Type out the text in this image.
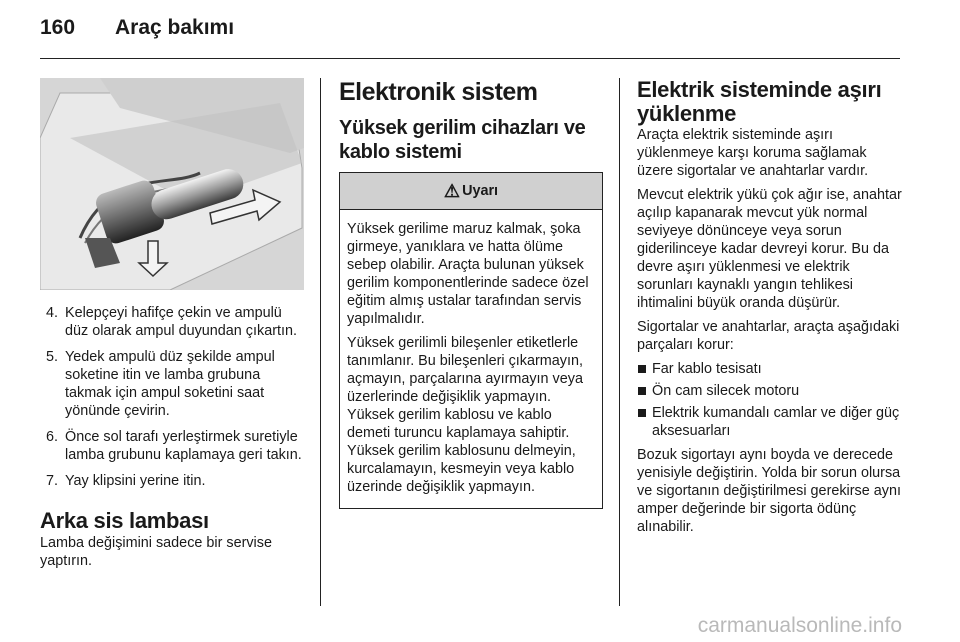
160 Araç bakımı
4. Kelepçeyi hafifçe çekin ve ampulü düz olarak ampul duyundan çıkartın.
5. Yedek ampulü düz şekilde ampul soketine itin ve lamba grubuna takmak için ampul soketini saat yönünde çevirin.
6. Önce sol tarafı yerleştirmek suretiyle lamba grubunu kaplamaya geri takın.
7. Yay klipsini yerine itin.
Arka sis lambası

Lamba değişimini sadece bir servise yaptırın.

Elektronik sistem
Yüksek gerilim cihazları ve kablo sistemi
⚠ Uyarı

Yüksek gerilime maruz kalmak, şoka girmeye, yanıklara ve hatta ölüme sebep olabilir. Araçta bulunan yüksek gerilim komponentlerinde sadece özel eğitim almış ustalar tarafından servis yapılmalıdır.

Yüksek gerilimli bileşenler etiketlerle tanımlanır. Bu bileşenleri çıkarmayın, açmayın, parçalarına ayırmayın veya üzerlerinde değişiklik yapmayın. Yüksek gerilim kablosu ve kablo demeti turuncu kaplamaya sahiptir. Yüksek gerilim kablosunu delmeyin, kurcalamayın, kesmeyin veya kablo üzerinde değişiklik yapmayın.

Elektrik sisteminde aşırı yüklenme

Araçta elektrik sisteminde aşırı yüklenmeye karşı koruma sağlamak üzere sigortalar ve anahtarlar vardır.

Mevcut elektrik yükü çok ağır ise, anahtar açılıp kapanarak mevcut yük normal seviyeye dönünceye veya sorun giderilinceye kadar devreyi korur. Bu da devre aşırı yüklenmesi ve elektrik sorunları kaynaklı yangın tehlikesi ihtimalini büyük oranda düşürür.

Sigortalar ve anahtarlar, araçta aşağıdaki parçaları korur:

Far kablo tesisatı
Ön cam silecek motoru
Elektrik kumandalı camlar ve diğer güç aksesuarları

Bozuk sigortayı aynı boyda ve derecede yenisiyle değiştirin. Yolda bir sorun olursa ve sigortanın değiştirilmesi gerekirse aynı amper değerinde bir sigorta ödünç alınabilir.

carmanualsonline.info
